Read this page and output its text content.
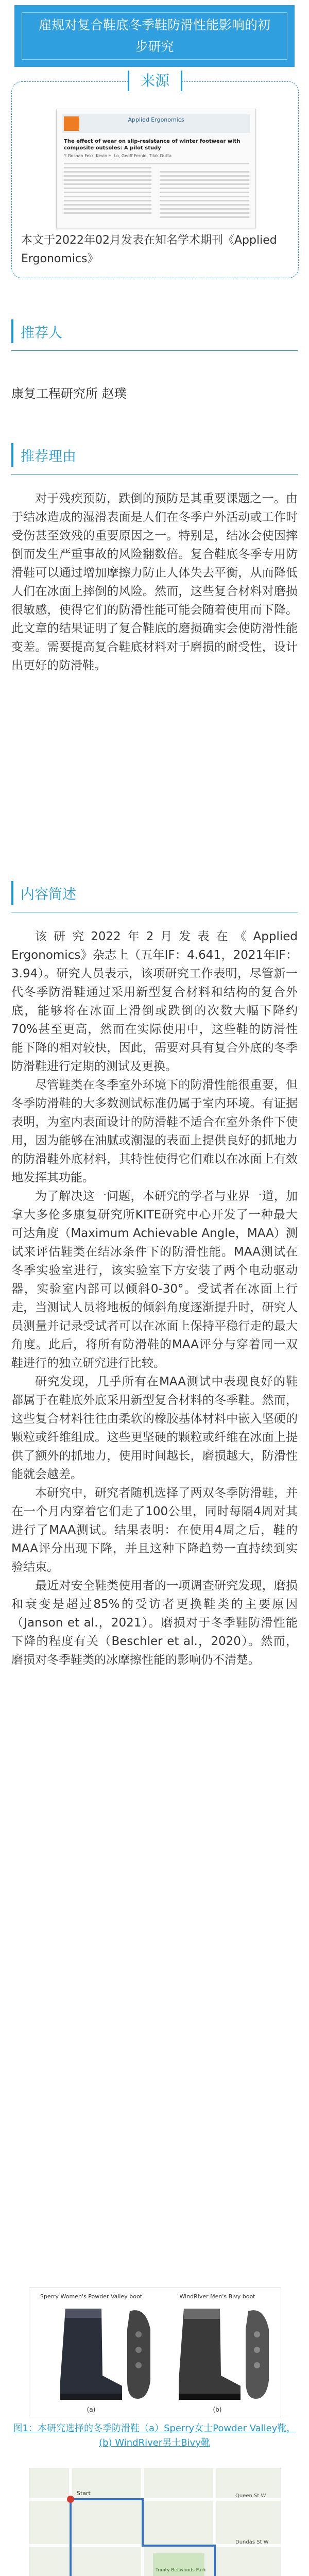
雇规对复合鞋底冬季鞋防滑性能影响的初步研究
来源
Applied Ergonomics
The effect of wear on slip-resistance of winter footwear with composite outsoles: A pilot study
Y. Roshan Fekr, Kevin H. Lo, Geoff Fernie, Tilak Dutta
本文于2022年02月发表在知名学术期刊《Applied Ergonomics》
推荐人
康复工程研究所 赵璞
推荐理由

对于残疾预防，跌倒的预防是其重要课题之一。由于结冰造成的湿滑表面是人们在冬季户外活动或工作时受伤甚至致残的重要原因之一。特别是，结冰会使因摔倒而发生严重事故的风险翻数倍。复合鞋底冬季专用防滑鞋可以通过增加摩擦力防止人体失去平衡，从而降低人们在冰面上摔倒的风险。然而，这些复合材料对磨损很敏感，使得它们的防滑性能可能会随着使用而下降。此文章的结果证明了复合鞋底的磨损确实会使防滑性能变差。需要提高复合鞋底材料对于磨损的耐受性，设计出更好的防滑鞋。

内容简述

该研究2022年2月发表在《Applied Ergonomics》杂志上（五年IF：4.641，2021年IF：3.94）。研究人员表示，该项研究工作表明，尽管新一代冬季防滑鞋通过采用新型复合材料和结构的复合外底，能够将在冰面上滑倒或跌倒的次数大幅下降约70%甚至更高，然而在实际使用中，这些鞋的防滑性能下降的相对较快，因此，需要对具有复合外底的冬季防滑鞋进行定期的测试及更换。

尽管鞋类在冬季室外环境下的防滑性能很重要，但冬季防滑鞋的大多数测试标准仍属于室内环境。有证据表明，为室内表面设计的防滑鞋不适合在室外条件下使用，因为能够在油腻或潮湿的表面上提供良好的抓地力的防滑鞋外底材料，其特性使得它们难以在冰面上有效地发挥其功能。

为了解决这一问题，本研究的学者与业界一道，加拿大多伦多康复研究所KITE研究中心开发了一种最大可达角度（Maximum Achievable Angle，MAA）测试来评估鞋类在结冰条件下的防滑性能。MAA测试在冬季实验室进行，该实验室下方安装了两个电动驱动器，实验室内部可以倾斜0-30°。受试者在冰面上行走，当测试人员将地板的倾斜角度逐渐提升时，研究人员测量并记录受试者可以在冰面上保持平稳行走的最大角度。此后，将所有防滑鞋的MAA评分与穿着同一双鞋进行的独立研究进行比较。

研究发现，几乎所有在MAA测试中表现良好的鞋都属于在鞋底外底采用新型复合材料的冬季鞋。然而，这些复合材料往往由柔软的橡胶基体材料中嵌入坚硬的颗粒或纤维组成。这些更坚硬的颗粒或纤维在冰面上提供了额外的抓地力，使用时间越长，磨损越大，防滑性能就会越差。

本研究中，研究者随机选择了两双冬季防滑鞋，并在一个月内穿着它们走了100公里，同时每隔4周对其进行了MAA测试。结果表明：在使用4周之后，鞋的MAA评分出现下降，并且这种下降趋势一直持续到实验结束。

最近对安全鞋类使用者的一项调查研究发现，磨损和衰变是超过85%的受访者更换鞋类的主要原因（Janson et al.，2021）。磨损对于冬季鞋防滑性能下降的程度有关（Beschler et al.，2020）。然而，磨损对冬季鞋类的冰摩擦性能的影响仍不清楚。

Sperry Women's Powder Valley boot	WindRiver Men's Bivy boot
(a)	(b)
图1：本研究选择的冬季防滑鞋（a）Sperry女士Powder Valley靴，(b) WindRiver男士Bivy靴
Start	Queen St W
Dundas St W
Trinity Bellwoods Park
